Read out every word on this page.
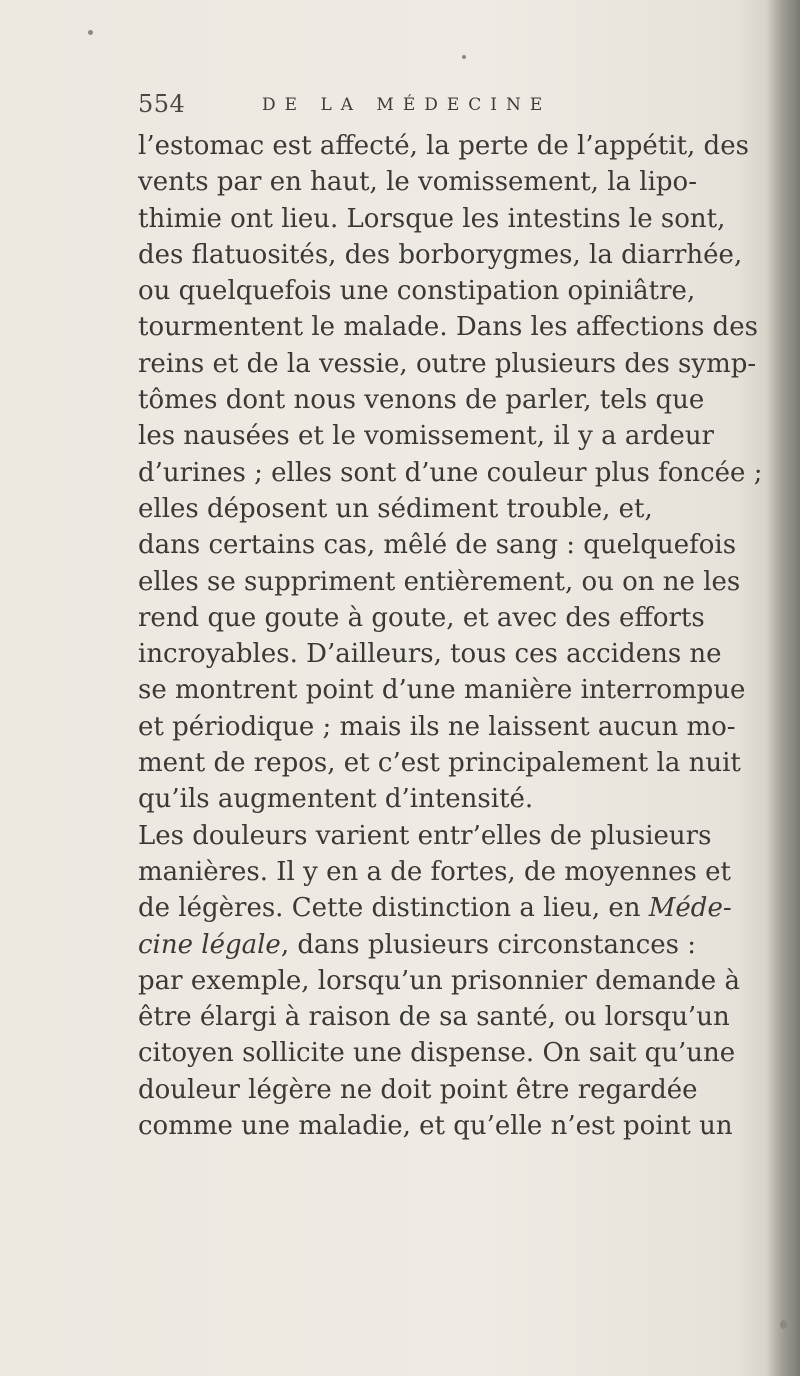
554	DE LA MÉDECINE
l’estomac est affecté, la perte de l’appétit, des
vents par en haut, le vomissement, la lipo-
thimie ont lieu. Lorsque les intestins le sont,
des flatuosités, des borborygmes, la diarrhée,
ou quelquefois une constipation opiniâtre,
tourmentent le malade. Dans les affections des
reins et de la vessie, outre plusieurs des symp-
tômes dont nous venons de parler, tels que
les nausées et le vomissement, il y a ardeur
d’urines ; elles sont d’une couleur plus foncée ;
elles déposent un sédiment trouble, et,
dans certains cas, mêlé de sang : quelquefois
elles se suppriment entièrement, ou on ne les
rend que goute à goute, et avec des efforts
incroyables. D’ailleurs, tous ces accidens ne
se montrent point d’une manière interrompue
et périodique ; mais ils ne laissent aucun mo-
ment de repos, et c’est principalement la nuit
qu’ils augmentent d’intensité.
Les douleurs varient entr’elles de plusieurs
manières. Il y en a de fortes, de moyennes et
de légères. Cette distinction a lieu, en Méde-
cine légale, dans plusieurs circonstances :
par exemple, lorsqu’un prisonnier demande à
être élargi à raison de sa santé, ou lorsqu’un
citoyen sollicite une dispense. On sait qu’une
douleur légère ne doit point être regardée
comme une maladie, et qu’elle n’est point un
